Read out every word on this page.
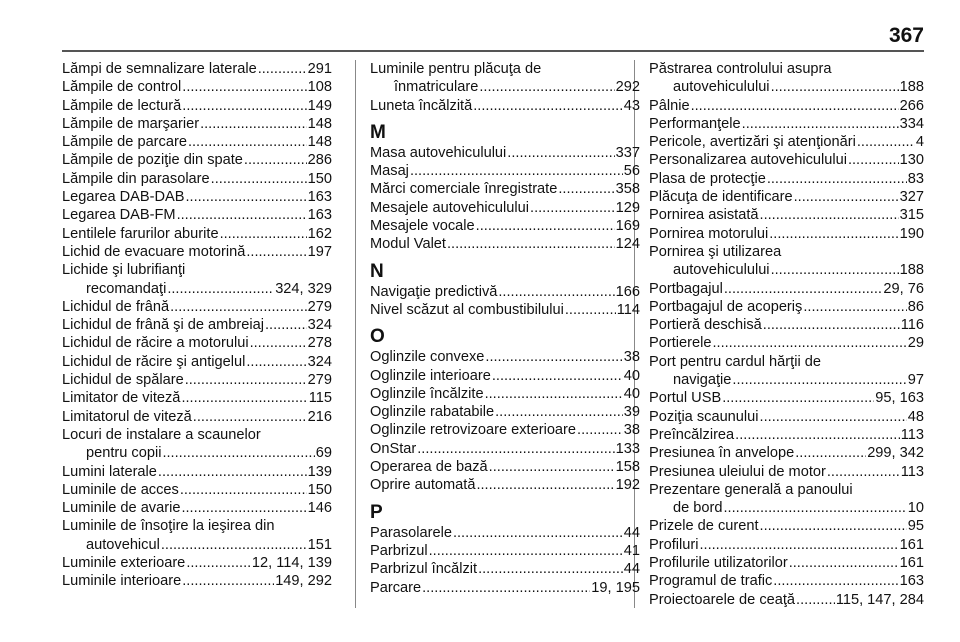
367
Lămpi de semnalizare laterale .....	291
Lămpile de control .....	108
Lămpile de lectură .....	149
Lămpile de marşarier .....	148
Lămpile de parcare .....	148
Lămpile de poziţie din spate .....	286
Lămpile din parasolare .....	150
Legarea DAB-DAB .....	163
Legarea DAB-FM .....	163
Lentilele farurilor aburite .....	162
Lichid de evacuare motorină .....	197
Lichide şi lubrifianţi
recomandaţi .....	324, 329
Lichidul de frână .....	279
Lichidul de frână şi de ambreiaj .....	324
Lichidul de răcire a motorului .....	278
Lichidul de răcire şi antigelul .....	324
Lichidul de spălare .....	279
Limitator de viteză .....	115
Limitatorul de viteză .....	216
Locuri de instalare a scaunelor
pentru copii .....	69
Lumini laterale .....	139
Luminile de acces .....	150
Luminile de avarie .....	146
Luminile de însoţire la ieşirea din
autovehicul .....	151
Luminile exterioare .....	12, 114, 139
Luminile interioare .....	149, 292
Luminile pentru plăcuţa de
înmatriculare .....	292
Luneta încălzită .....	43
M
Masa autovehiculului .....	337
Masaj .....	56
Mărci comerciale înregistrate .....	358
Mesajele autovehiculului .....	129
Mesajele vocale .....	169
Modul Valet .....	124
N
Navigaţie predictivă .....	166
Nivel scăzut al combustibilului .....	114
O
Oglinzile convexe .....	38
Oglinzile interioare .....	40
Oglinzile încălzite .....	40
Oglinzile rabatabile .....	39
Oglinzile retrovizoare exterioare .....	38
OnStar .....	133
Operarea de bază .....	158
Oprire automată .....	192
P
Parasolarele .....	44
Parbrizul .....	41
Parbrizul încălzit .....	44
Parcare .....	19, 195
Păstrarea controlului asupra
autovehiculului .....	188
Pâlnie .....	266
Performanţele .....	334
Pericole, avertizări şi atenţionări .....	4
Personalizarea autovehiculului .....	130
Plasa de protecţie .....	83
Plăcuţa de identificare .....	327
Pornirea asistată .....	315
Pornirea motorului .....	190
Pornirea şi utilizarea
autovehiculului .....	188
Portbagajul .....	29, 76
Portbagajul de acoperiş .....	86
Portieră deschisă .....	116
Portierele .....	29
Port pentru cardul hărţii de
navigaţie .....	97
Portul USB .....	95, 163
Poziţia scaunului .....	48
Preîncălzirea .....	113
Presiunea în anvelope .....	299, 342
Presiunea uleiului de motor .....	113
Prezentare generală a panoului
de bord .....	10
Prizele de curent .....	95
Profiluri .....	161
Profilurile utilizatorilor .....	161
Programul de trafic .....	163
Proiectoarele de ceaţă .....	115, 147, 284
